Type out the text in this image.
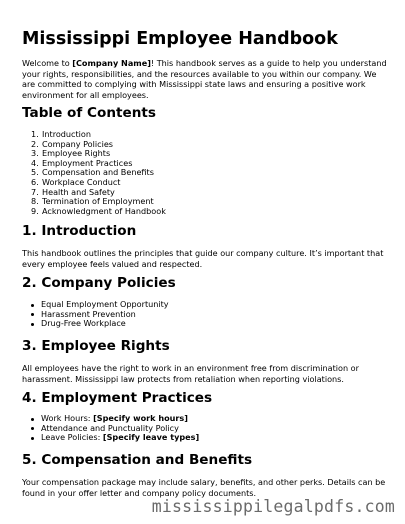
Mississippi Employee Handbook

Welcome to [Company Name]! This handbook serves as a guide to help you understand your rights, responsibilities, and the resources available to you within our company. We are committed to complying with Mississippi state laws and ensuring a positive work environment for all employees.

Table of Contents
1. Introduction
2. Company Policies
3. Employee Rights
4. Employment Practices
5. Compensation and Benefits
6. Workplace Conduct
7. Health and Safety
8. Termination of Employment
9. Acknowledgment of Handbook
1. Introduction

This handbook outlines the principles that guide our company culture. It’s important that every employee feels valued and respected.

2. Company Policies
Equal Employment Opportunity
Harassment Prevention
Drug-Free Workplace
3. Employee Rights

All employees have the right to work in an environment free from discrimination or harassment. Mississippi law protects from retaliation when reporting violations.

4. Employment Practices
Work Hours: [Specify work hours]
Attendance and Punctuality Policy
Leave Policies: [Specify leave types]
5. Compensation and Benefits

Your compensation package may include salary, benefits, and other perks. Details can be found in your offer letter and company policy documents.

mississippilegalpdfs.com
